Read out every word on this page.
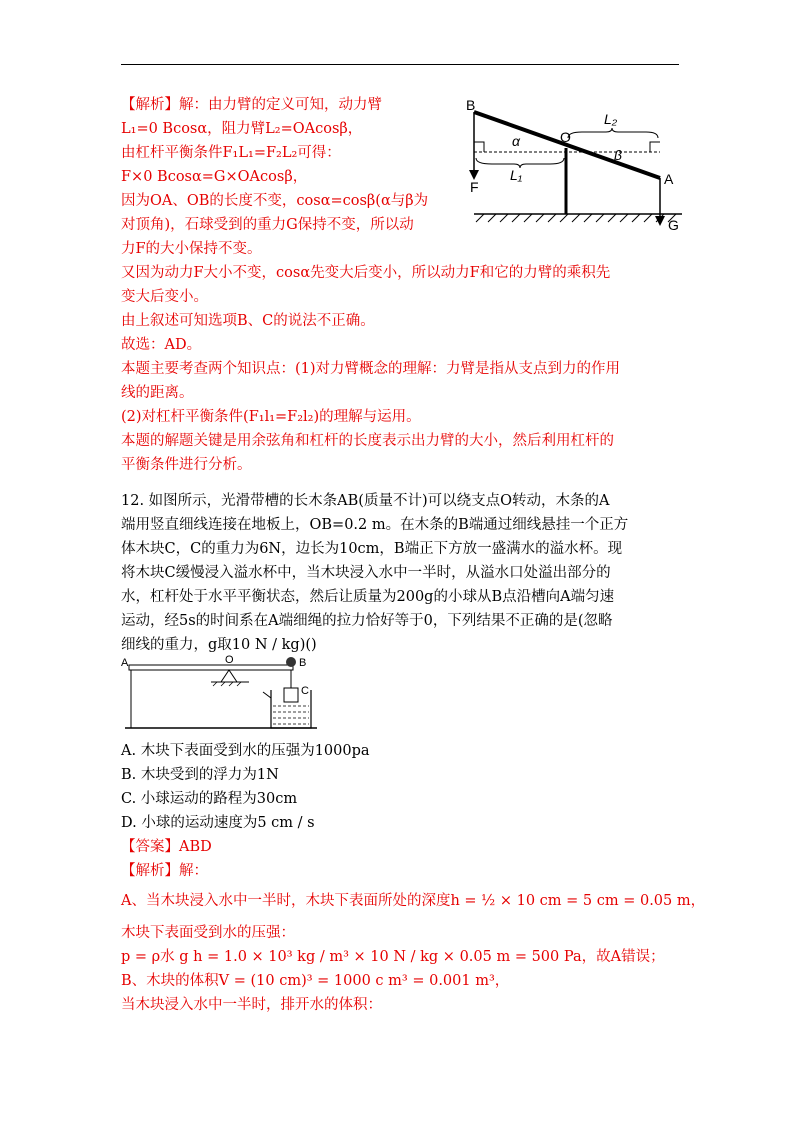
【解析】解：由力臂的定义可知，动力臂
L₁=0 Bcosα，阻力臂L₂=OAcosβ，
由杠杆平衡条件F₁L₁=F₂L₂可得：
F×0 Bcosα=G×OAcosβ，
因为OA、OB的长度不变，cosα=cosβ(α与β为
对顶角)，石球受到的重力G保持不变，所以动
力F的大小保持不变。
又因为动力F大小不变，cosα先变大后变小，所以动力F和它的力臂的乘积先
变大后变小。
由上叙述可知选项B、C的说法不正确。
故选：AD。
本题主要考查两个知识点：(1)对力臂概念的理解：力臂是指从支点到力的作用
线的距离。
(2)对杠杆平衡条件(F₁l₁=F₂l₂)的理解与运用。
本题的解题关键是用余弦角和杠杆的长度表示出力臂的大小，然后利用杠杆的
平衡条件进行分析。
B
O
A
F
G
L₁
L₂
α
β
12. 如图所示，光滑带槽的长木条AB(质量不计)可以绕支点O转动，木条的A
端用竖直细线连接在地板上，OB=0.2 m。在木条的B端通过细线悬挂一个正方
体木块C，C的重力为6N，边长为10cm，B端正下方放一盛满水的溢水杯。现
将木块C缓慢浸入溢水杯中，当木块浸入水中一半时，从溢水口处溢出部分的
水，杠杆处于水平平衡状态，然后让质量为200g的小球从B点沿槽向A端匀速
运动，经5s的时间系在A端细绳的拉力恰好等于0，下列结果不正确的是(忽略
细线的重力，g取10 N / kg)()
A	O	B
C
A. 木块下表面受到水的压强为1000pa
B. 木块受到的浮力为1N
C. 小球运动的路程为30cm
D. 小球的运动速度为5 cm / s
【答案】ABD
【解析】解：
A、当木块浸入水中一半时，木块下表面所处的深度h = ½ × 10 cm = 5 cm = 0.05 m，
木块下表面受到水的压强：
p = ρ水 g h = 1.0 × 10³ kg / m³ × 10 N / kg × 0.05 m = 500 Pa，故A错误；
B、木块的体积V = (10 cm)³ = 1000 c m³ = 0.001 m³，
当木块浸入水中一半时，排开水的体积：
